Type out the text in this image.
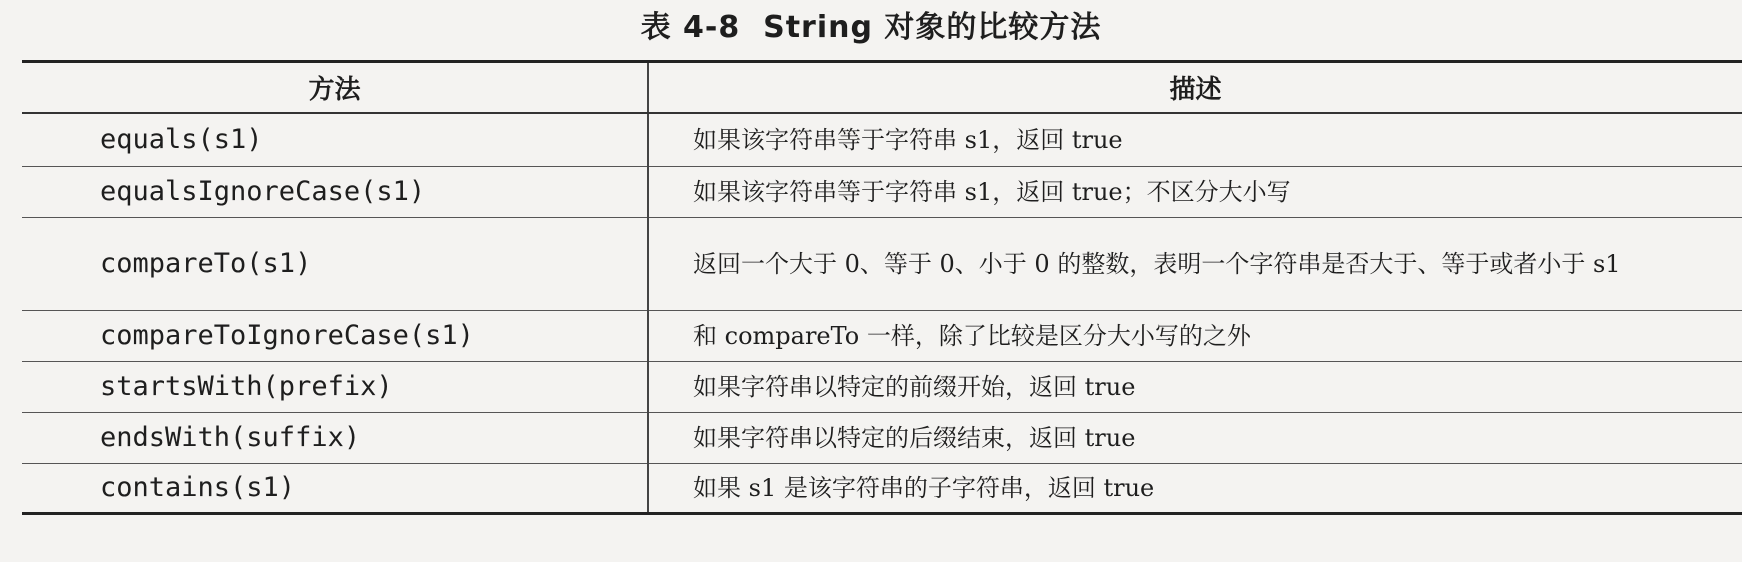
表 4-8  String 对象的比较方法
方法	描述
equals(s1)	如果该字符串等于字符串 s1，返回 true

equalsIgnoreCase(s1)	如果该字符串等于字符串 s1，返回 true；不区分大小写

compareTo(s1)	返回一个大于 0、等于 0、小于 0 的整数，表明一个字符串是否大于、等于或者小于 s1

compareToIgnoreCase(s1)	和 compareTo 一样，除了比较是区分大小写的之外

startsWith(prefix)	如果字符串以特定的前缀开始，返回 true

endsWith(suffix)	如果字符串以特定的后缀结束，返回 true

contains(s1)	如果 s1 是该字符串的子字符串，返回 true
